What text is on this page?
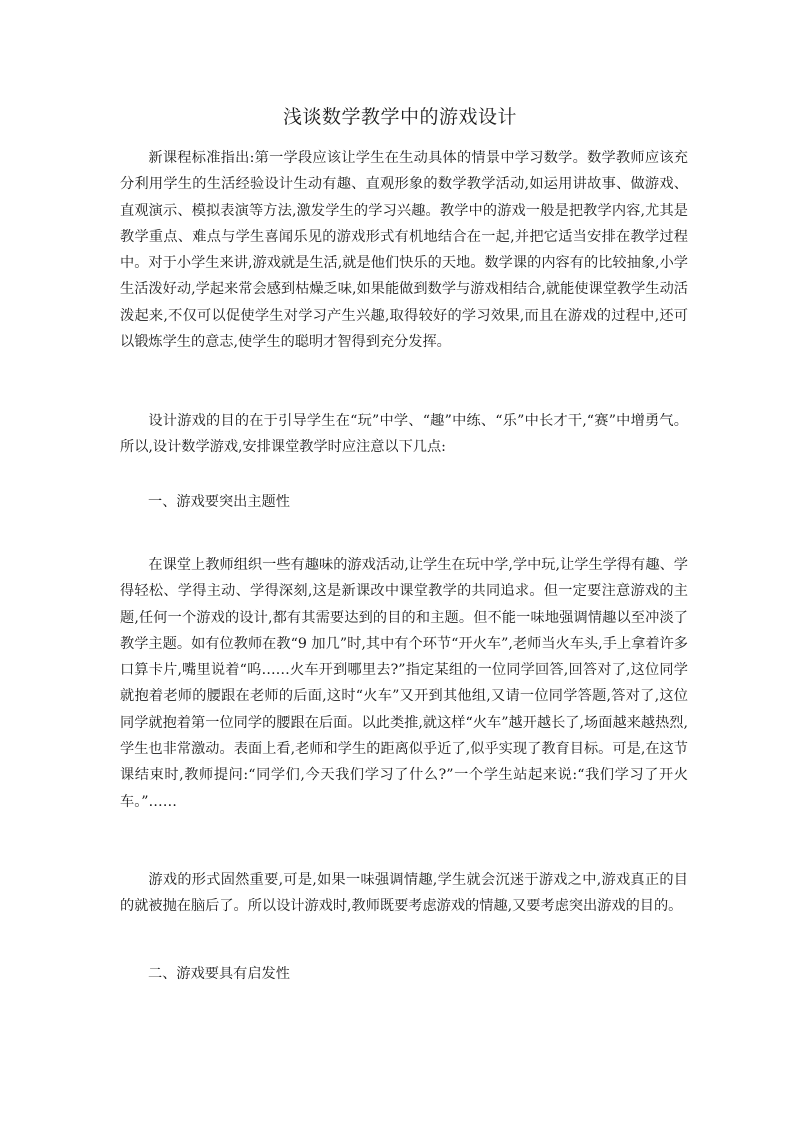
浅谈数学教学中的游戏设计

新课程标准指出:第一学段应该让学生在生动具体的情景中学习数学。数学教师应该充分利用学生的生活经验设计生动有趣、直观形象的数学教学活动,如运用讲故事、做游戏、直观演示、模拟表演等方法,激发学生的学习兴趣。教学中的游戏一般是把教学内容,尤其是教学重点、难点与学生喜闻乐见的游戏形式有机地结合在一起,并把它适当安排在教学过程中。对于小学生来讲,游戏就是生活,就是他们快乐的天地。数学课的内容有的比较抽象,小学生活泼好动,学起来常会感到枯燥乏味,如果能做到数学与游戏相结合,就能使课堂教学生动活泼起来,不仅可以促使学生对学习产生兴趣,取得较好的学习效果,而且在游戏的过程中,还可以锻炼学生的意志,使学生的聪明才智得到充分发挥。

设计游戏的目的在于引导学生在“玩”中学、“趣”中练、“乐”中长才干,“赛”中增勇气。所以,设计数学游戏,安排课堂教学时应注意以下几点:

一、游戏要突出主题性

在课堂上教师组织一些有趣味的游戏活动,让学生在玩中学,学中玩,让学生学得有趣、学得轻松、学得主动、学得深刻,这是新课改中课堂教学的共同追求。但一定要注意游戏的主题,任何一个游戏的设计,都有其需要达到的目的和主题。但不能一味地强调情趣以至冲淡了教学主题。如有位教师在教“9 加几”时,其中有个环节“开火车”,老师当火车头,手上拿着许多口算卡片,嘴里说着“呜……火车开到哪里去?”指定某组的一位同学回答,回答对了,这位同学就抱着老师的腰跟在老师的后面,这时“火车”又开到其他组,又请一位同学答题,答对了,这位同学就抱着第一位同学的腰跟在后面。以此类推,就这样“火车”越开越长了,场面越来越热烈,学生也非常激动。表面上看,老师和学生的距离似乎近了,似乎实现了教育目标。可是,在这节课结束时,教师提问:“同学们,今天我们学习了什么?”一个学生站起来说:“我们学习了开火车。”……

游戏的形式固然重要,可是,如果一味强调情趣,学生就会沉迷于游戏之中,游戏真正的目的就被抛在脑后了。所以设计游戏时,教师既要考虑游戏的情趣,又要考虑突出游戏的目的。

二、游戏要具有启发性
